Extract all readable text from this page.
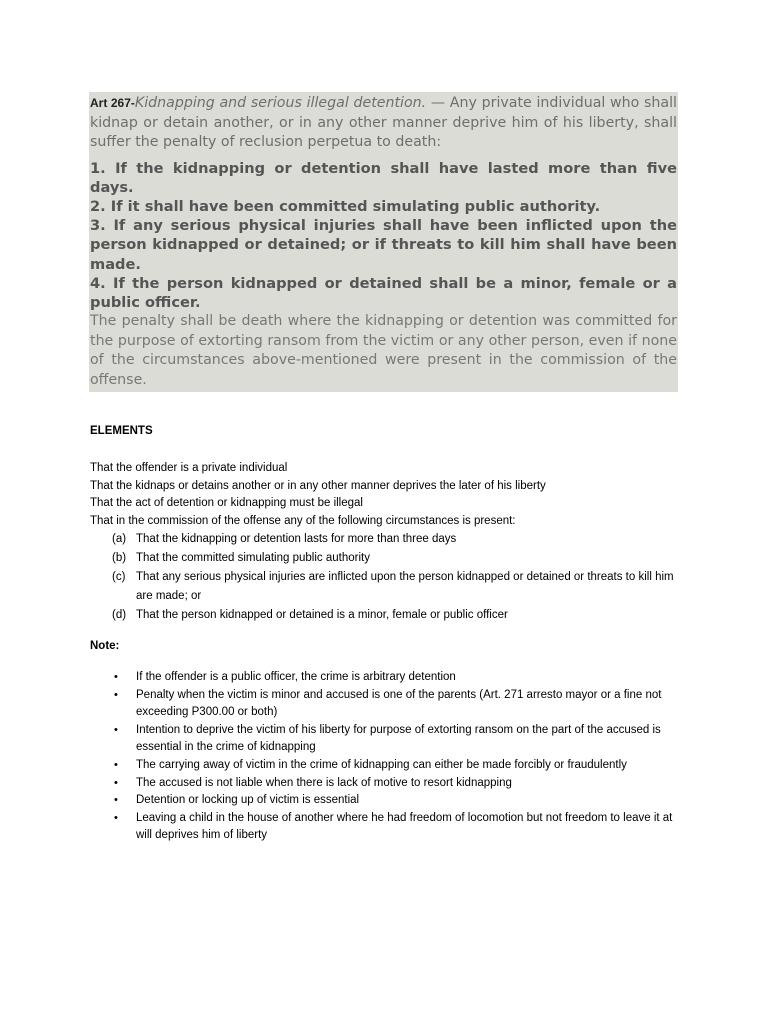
Art 267-Kidnapping and serious illegal detention. — Any private individual who shall kidnap or detain another, or in any other manner deprive him of his liberty, shall suffer the penalty of reclusion perpetua to death:

1. If the kidnapping or detention shall have lasted more than five days.
2. If it shall have been committed simulating public authority.
3. If any serious physical injuries shall have been inflicted upon the person kidnapped or detained; or if threats to kill him shall have been made.
4. If the person kidnapped or detained shall be a minor, female or a public officer.

The penalty shall be death where the kidnapping or detention was committed for the purpose of extorting ransom from the victim or any other person, even if none of the circumstances above-mentioned were present in the commission of the offense.

ELEMENTS
That the offender is a private individual
That the kidnaps or detains another or in any other manner deprives the later of his liberty
That the act of detention or kidnapping must be illegal
That in the commission of the offense any of the following circumstances is present:
(a) That the kidnapping or detention lasts for more than three days
(b) That the committed simulating public authority
(c) That any serious physical injuries are inflicted upon the person kidnapped or detained or threats to kill him are made; or
(d) That the person kidnapped or detained is a minor, female or public officer
Note:
• If the offender is a public officer, the crime is arbitrary detention
• Penalty when the victim is minor and accused is one of the parents (Art. 271 arresto mayor or a fine not exceeding P300.00 or both)
• Intention to deprive the victim of his liberty for purpose of extorting ransom on the part of the accused is essential in the crime of kidnapping
• The carrying away of victim in the crime of kidnapping can either be made forcibly or fraudulently
• The accused is not liable when there is lack of motive to resort kidnapping
• Detention or locking up of victim is essential
• Leaving a child in the house of another where he had freedom of locomotion but not freedom to leave it at will deprives him of liberty
